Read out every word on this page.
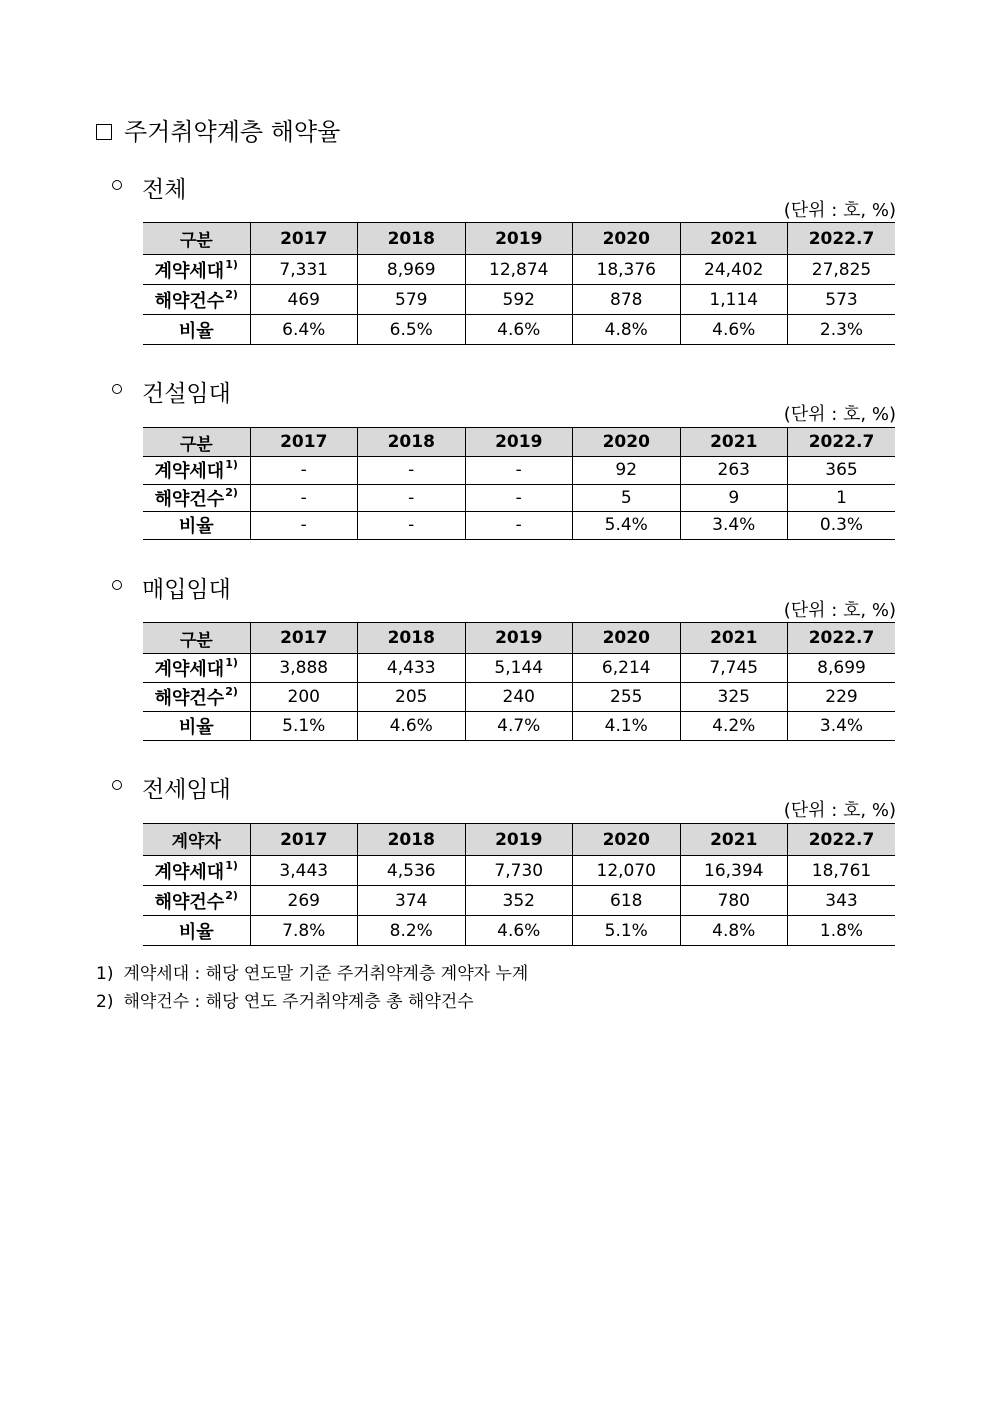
주거취약계층 해약율
전체
(단위 : 호, %)
구분	2017	2018	2019	2020	2021	2022.7
계약세대$^{1)}$	7,331	8,969	12,874	18,376	24,402	27,825
해약건수$^{2)}$	469	579	592	878	1,114	573
비율	6.4%	6.5%	4.6%	4.8%	4.6%	2.3%
건설임대
(단위 : 호, %)
구분	2017	2018	2019	2020	2021	2022.7
계약세대$^{1)}$	-	-	-	92	263	365
해약건수$^{2)}$	-	-	-	5	9	1
비율	-	-	-	5.4%	3.4%	0.3%
매입임대
(단위 : 호, %)
구분	2017	2018	2019	2020	2021	2022.7
계약세대$^{1)}$	3,888	4,433	5,144	6,214	7,745	8,699
해약건수$^{2)}$	200	205	240	255	325	229
비율	5.1%	4.6%	4.7%	4.1%	4.2%	3.4%
전세임대
(단위 : 호, %)
계약자	2017	2018	2019	2020	2021	2022.7
계약세대$^{1)}$	3,443	4,536	7,730	12,070	16,394	18,761
해약건수$^{2)}$	269	374	352	618	780	343
비율	7.8%	8.2%	4.6%	5.1%	4.8%	1.8%
1) 계약세대 : 해당 연도말 기준 주거취약계층 계약자 누계
2) 해약건수 : 해당 연도 주거취약계층 총 해약건수
